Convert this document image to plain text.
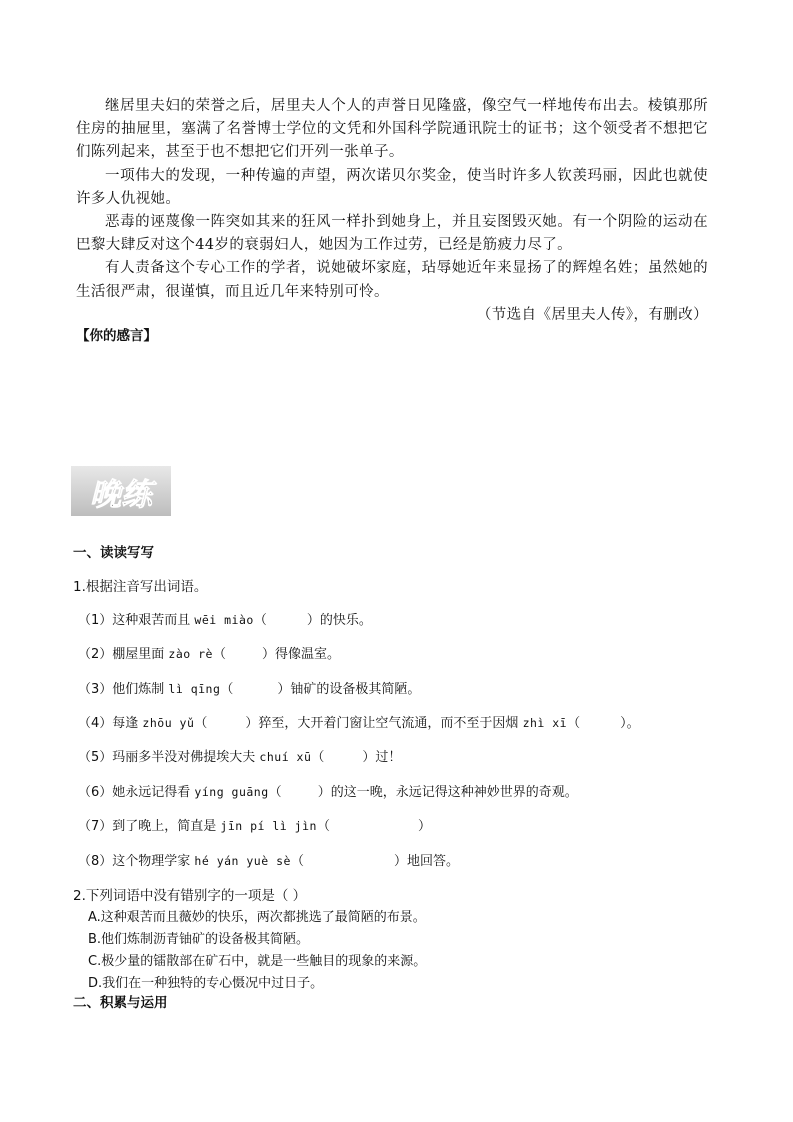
继居里夫妇的荣誉之后，居里夫人个人的声誉日见隆盛，像空气一样地传布出去。棱镇那所住房的抽屉里，塞满了名誉博士学位的文凭和外国科学院通讯院士的证书；这个领受者不想把它们陈列起来，甚至于也不想把它们开列一张单子。

一项伟大的发现，一种传遍的声望，两次诺贝尔奖金，使当时许多人钦羡玛丽，因此也就使许多人仇视她。

恶毒的诬蔑像一阵突如其来的狂风一样扑到她身上，并且妄图毁灭她。有一个阴险的运动在巴黎大肆反对这个44岁的衰弱妇人，她因为工作过劳，已经是筋疲力尽了。

有人责备这个专心工作的学者，说她破坏家庭，玷辱她近年来显扬了的辉煌名姓；虽然她的生活很严肃，很谨慎，而且近几年来特别可怜。

（节选自《居里夫人传》，有删改）

【你的感言】
晚练
一、读读写写
1.根据注音写出词语。
（1）这种艰苦而且 wēi miào（	）的快乐。
（2）棚屋里面 zào rè（	）得像温室。
（3）他们炼制 lì qīng（	）铀矿的设备极其简陋。
（4）每逢 zhōu yǔ（	）猝至，大开着门窗让空气流通，而不至于因烟 zhì xī（	）。
（5）玛丽多半没对佛提埃大夫 chuí xū（	）过！
（6）她永远记得看 yíng guāng（	）的这一晚，永远记得这种神妙世界的奇观。
（7）到了晚上，简直是 jīn pí lì jìn（	）
（8）这个物理学家 hé yán yuè sè（	）地回答。
2.下列词语中没有错别字的一项是（ ）
A.这种艰苦而且薇妙的快乐，两次都挑选了最简陋的布景。
B.他们炼制沥青铀矿的设备极其简陋。
C.极少量的镭散部在矿石中，就是一些触目的现象的来源。
D.我们在一种独特的专心慑况中过日子。
二、积累与运用
